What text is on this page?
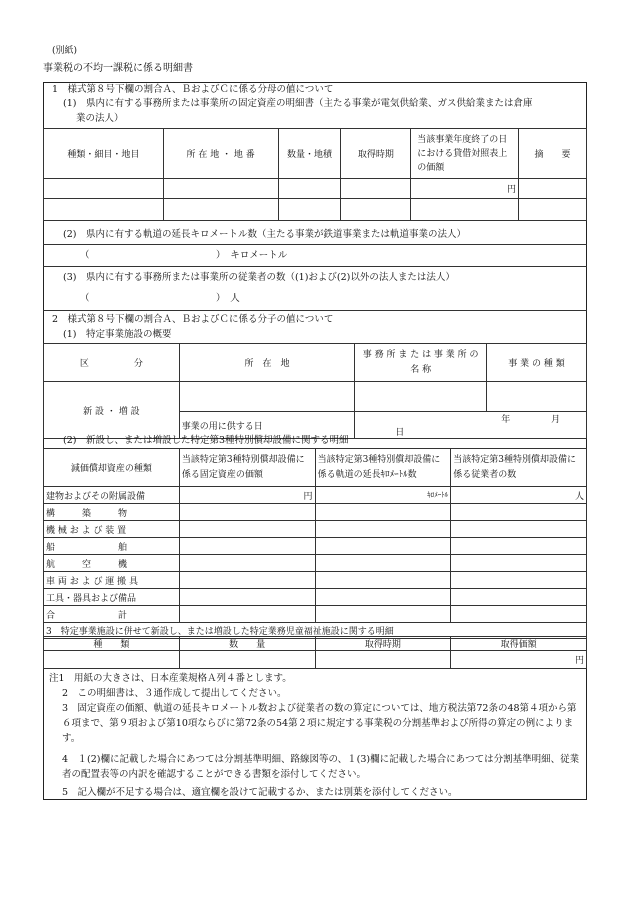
(別紙)
事業税の不均一課税に係る明細書
1　様式第８号下欄の割合Ａ、ＢおよびＣに係る分母の値について
(1)　県内に有する事務所または事業所の固定資産の明細書（主たる事業が電気供給業、ガス供給業または倉庫
業の法人）
種類・細目・地目	所 在 地 ・ 地 番	数量・地積	取得時期	当該事業年度終了の日における貸借対照表上の価額	摘　　要
				円	

(2)　県内に有する軌道の延長キロメートル数（主たる事業が鉄道事業または軌道事業の法人）
（	）　キロメートル
(3)　県内に有する事務所または事業所の従業者の数（(1)および(2)以外の法人または法人）
（	）　人
2　様式第８号下欄の割合Ａ、ＢおよびＣに係る分子の値について
(1)　特定事業施設の概要
区　　　　　分	所　在　地	事 務 所 ま た は 事 業 所 の 名 称	事 業 の 種 類
新 設 ・ 増 設			
	事業の用に供する日	年 月 日	
(2)　新設し、または増設した特定第3種特別償却設備に関する明細
減価償却資産の種類	当該特定第3種特別償却設備に係る固定資産の価額	当該特定第3種特別償却設備に係る軌道の延長ｷﾛﾒｰﾄﾙ数	当該特定第3種特別償却設備に係る従業者の数
建物およびその附属設備	円	ｷﾛﾒｰﾄﾙ	人
構　　　築　　　物			
機 械 お よ び 装 置			
船　　　　　　　舶			
航　　　空　　　機			
車 両 お よ び 運 搬 具			
工具・器具および備品			
合　　　　　　　計			
3　特定事業施設に併せて新設し、または増設した特定業務児童福祉施設に関する明細			
種　　類	数　　量	取得時期	取得価額
			円
注1　用紙の大きさは、日本産業規格Ａ列４番とします。
2　この明細書は、３通作成して提出してください。
3　固定資産の価額、軌道の延長キロメートル数および従業者の数の算定については、地方税法第72条の48第４項から第６項まで、第９項および第10項ならびに第72条の54第２項に規定する事業税の分割基準および所得の算定の例によります。
4　１(2)欄に記載した場合にあつては分割基準明細、路線図等の、１(3)欄に記載した場合にあつては分割基準明細、従業者の配置表等の内訳を確認することができる書類を添付してください。
5　記入欄が不足する場合は、適宜欄を設けて記載するか、または別葉を添付してください。
